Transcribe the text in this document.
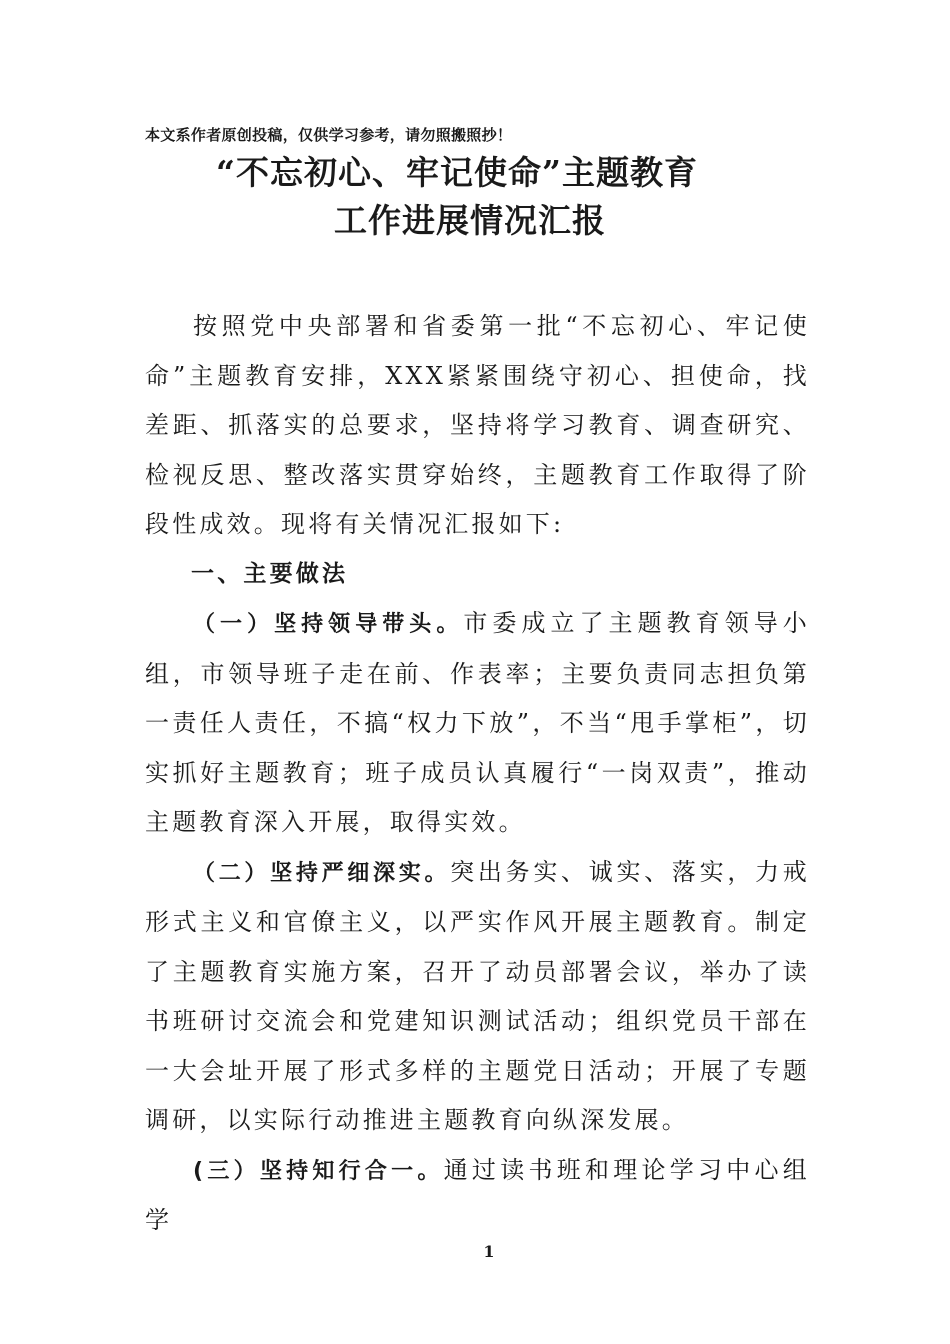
本文系作者原创投稿，仅供学习参考，请勿照搬照抄！
“不忘初心、牢记使命”主题教育
工作进展情况汇报

按照党中央部署和省委第一批“不忘初心、牢记使命”主题教育安排，XXX紧紧围绕守初心、担使命，找差距、抓落实的总要求，坚持将学习教育、调查研究、检视反思、整改落实贯穿始终，主题教育工作取得了阶段性成效。现将有关情况汇报如下:

一、主要做法

（一）坚持领导带头。市委成立了主题教育领导小组，市领导班子走在前、作表率；主要负责同志担负第一责任人责任，不搞“权力下放”，不当“甩手掌柜”，切实抓好主题教育；班子成员认真履行“一岗双责”，推动主题教育深入开展，取得实效。

（二）坚持严细深实。突出务实、诚实、落实，力戒形式主义和官僚主义，以严实作风开展主题教育。制定了主题教育实施方案，召开了动员部署会议，举办了读书班研讨交流会和党建知识测试活动；组织党员干部在一大会址开展了形式多样的主题党日活动；开展了专题调研，以实际行动推进主题教育向纵深发展。

(三）坚持知行合一。通过读书班和理论学习中心组学

1
